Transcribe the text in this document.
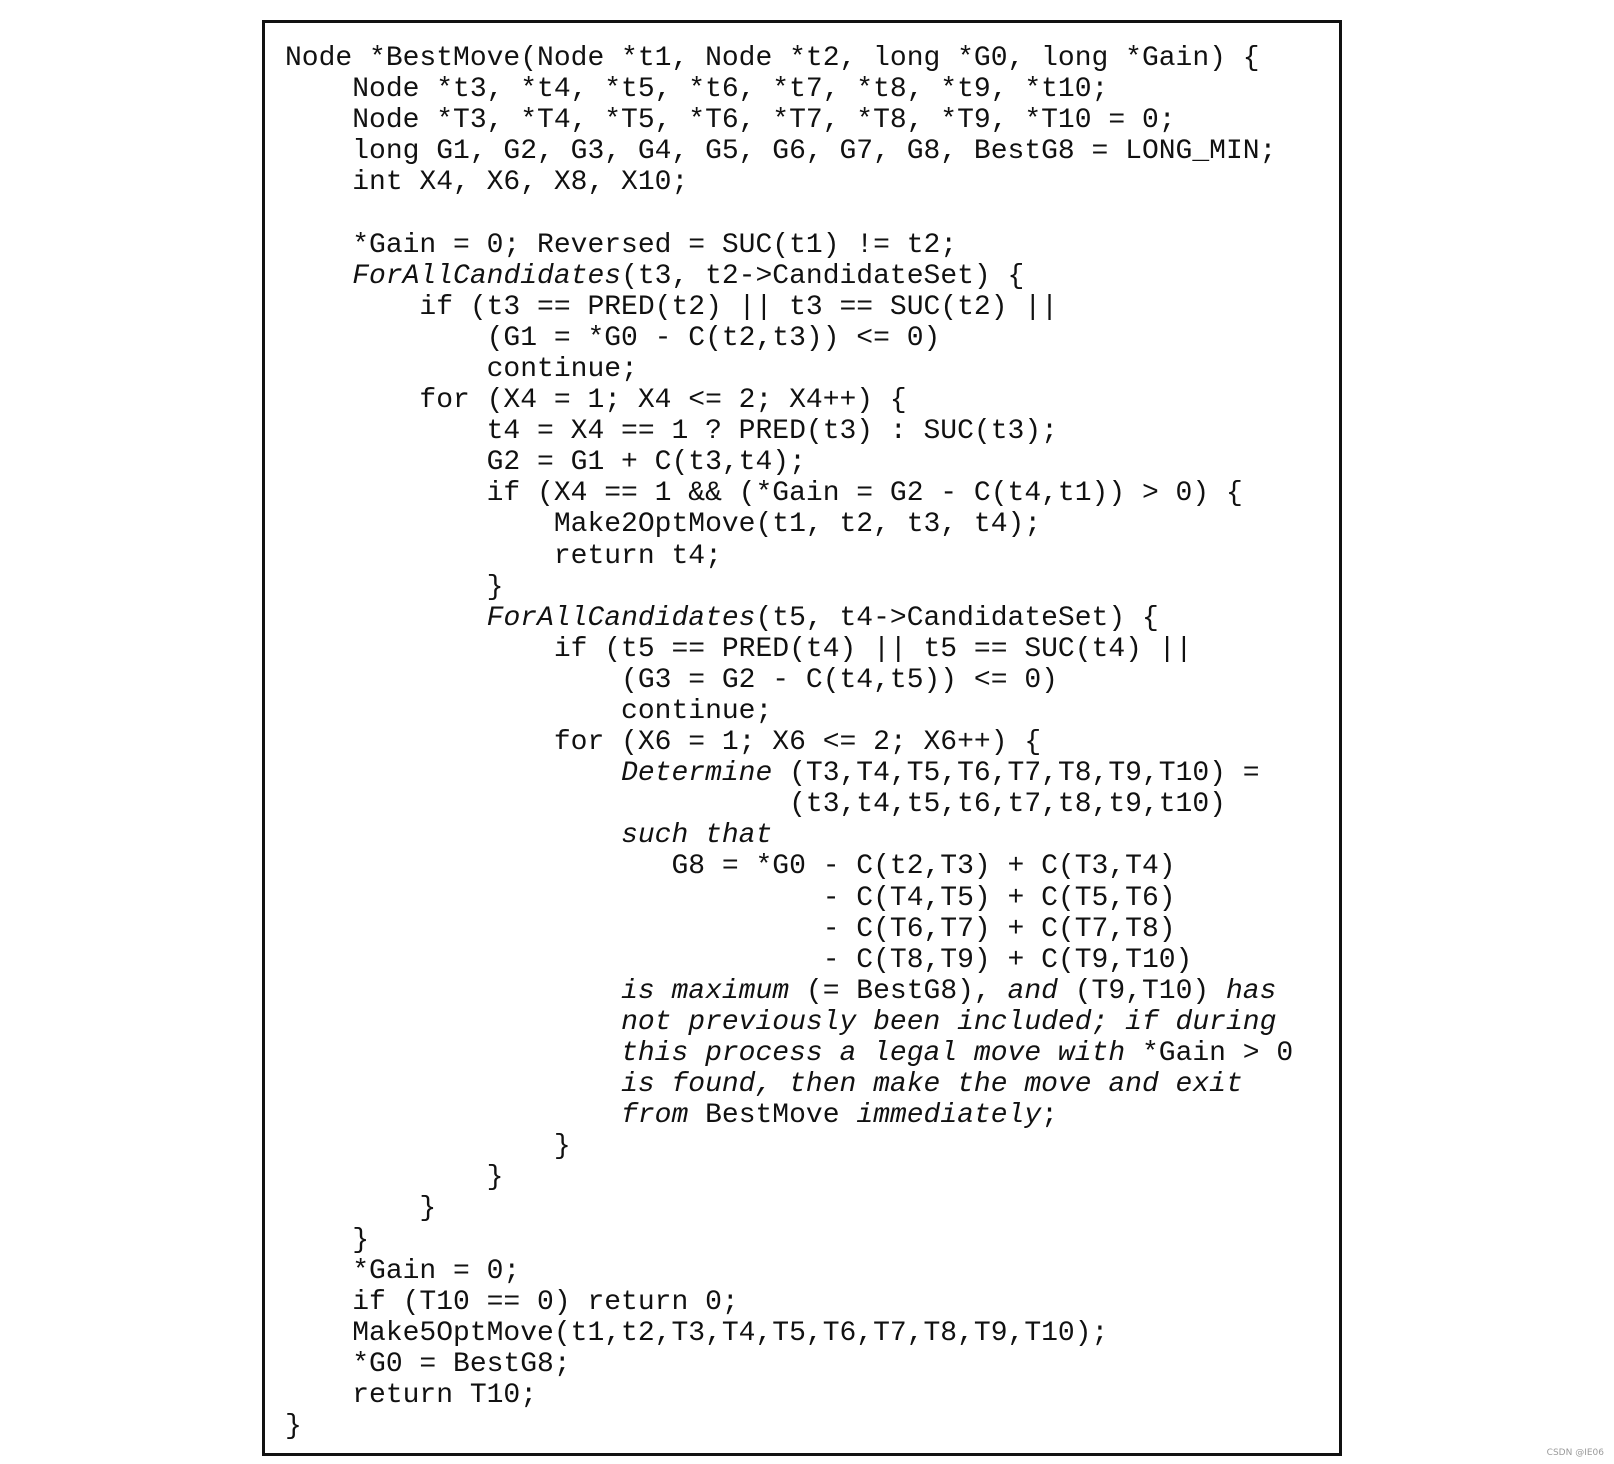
Node *BestMove(Node *t1, Node *t2, long *G0, long *Gain) {
Node *t3, *t4, *t5, *t6, *t7, *t8, *t9, *t10;
Node *T3, *T4, *T5, *T6, *T7, *T8, *T9, *T10 = 0;
long G1, G2, G3, G4, G5, G6, G7, G8, BestG8 = LONG_MIN;
int X4, X6, X8, X10;
*Gain = 0; Reversed = SUC(t1) != t2;
ForAllCandidates(t3, t2->CandidateSet) {
if (t3 == PRED(t2) || t3 == SUC(t2) ||
(G1 = *G0 - C(t2,t3)) <= 0)
continue;
for (X4 = 1; X4 <= 2; X4++) {
t4 = X4 == 1 ? PRED(t3) : SUC(t3);
G2 = G1 + C(t3,t4);
if (X4 == 1 && (*Gain = G2 - C(t4,t1)) > 0) {
Make2OptMove(t1, t2, t3, t4);
return t4;
}
ForAllCandidates(t5, t4->CandidateSet) {
if (t5 == PRED(t4) || t5 == SUC(t4) ||
(G3 = G2 - C(t4,t5)) <= 0)
continue;
for (X6 = 1; X6 <= 2; X6++) {
Determine (T3,T4,T5,T6,T7,T8,T9,T10) =
(t3,t4,t5,t6,t7,t8,t9,t10)
such that
G8 = *G0 - C(t2,T3) + C(T3,T4)
- C(T4,T5) + C(T5,T6)
- C(T6,T7) + C(T7,T8)
- C(T8,T9) + C(T9,T10)
is maximum (= BestG8), and (T9,T10) has
not previously been included; if during
this process a legal move with *Gain > 0
is found, then make the move and exit
from BestMove immediately;
}
}
}
}
*Gain = 0;
if (T10 == 0) return 0;
Make5OptMove(t1,t2,T3,T4,T5,T6,T7,T8,T9,T10);
*G0 = BestG8;
return T10;
}
CSDN @IE06
